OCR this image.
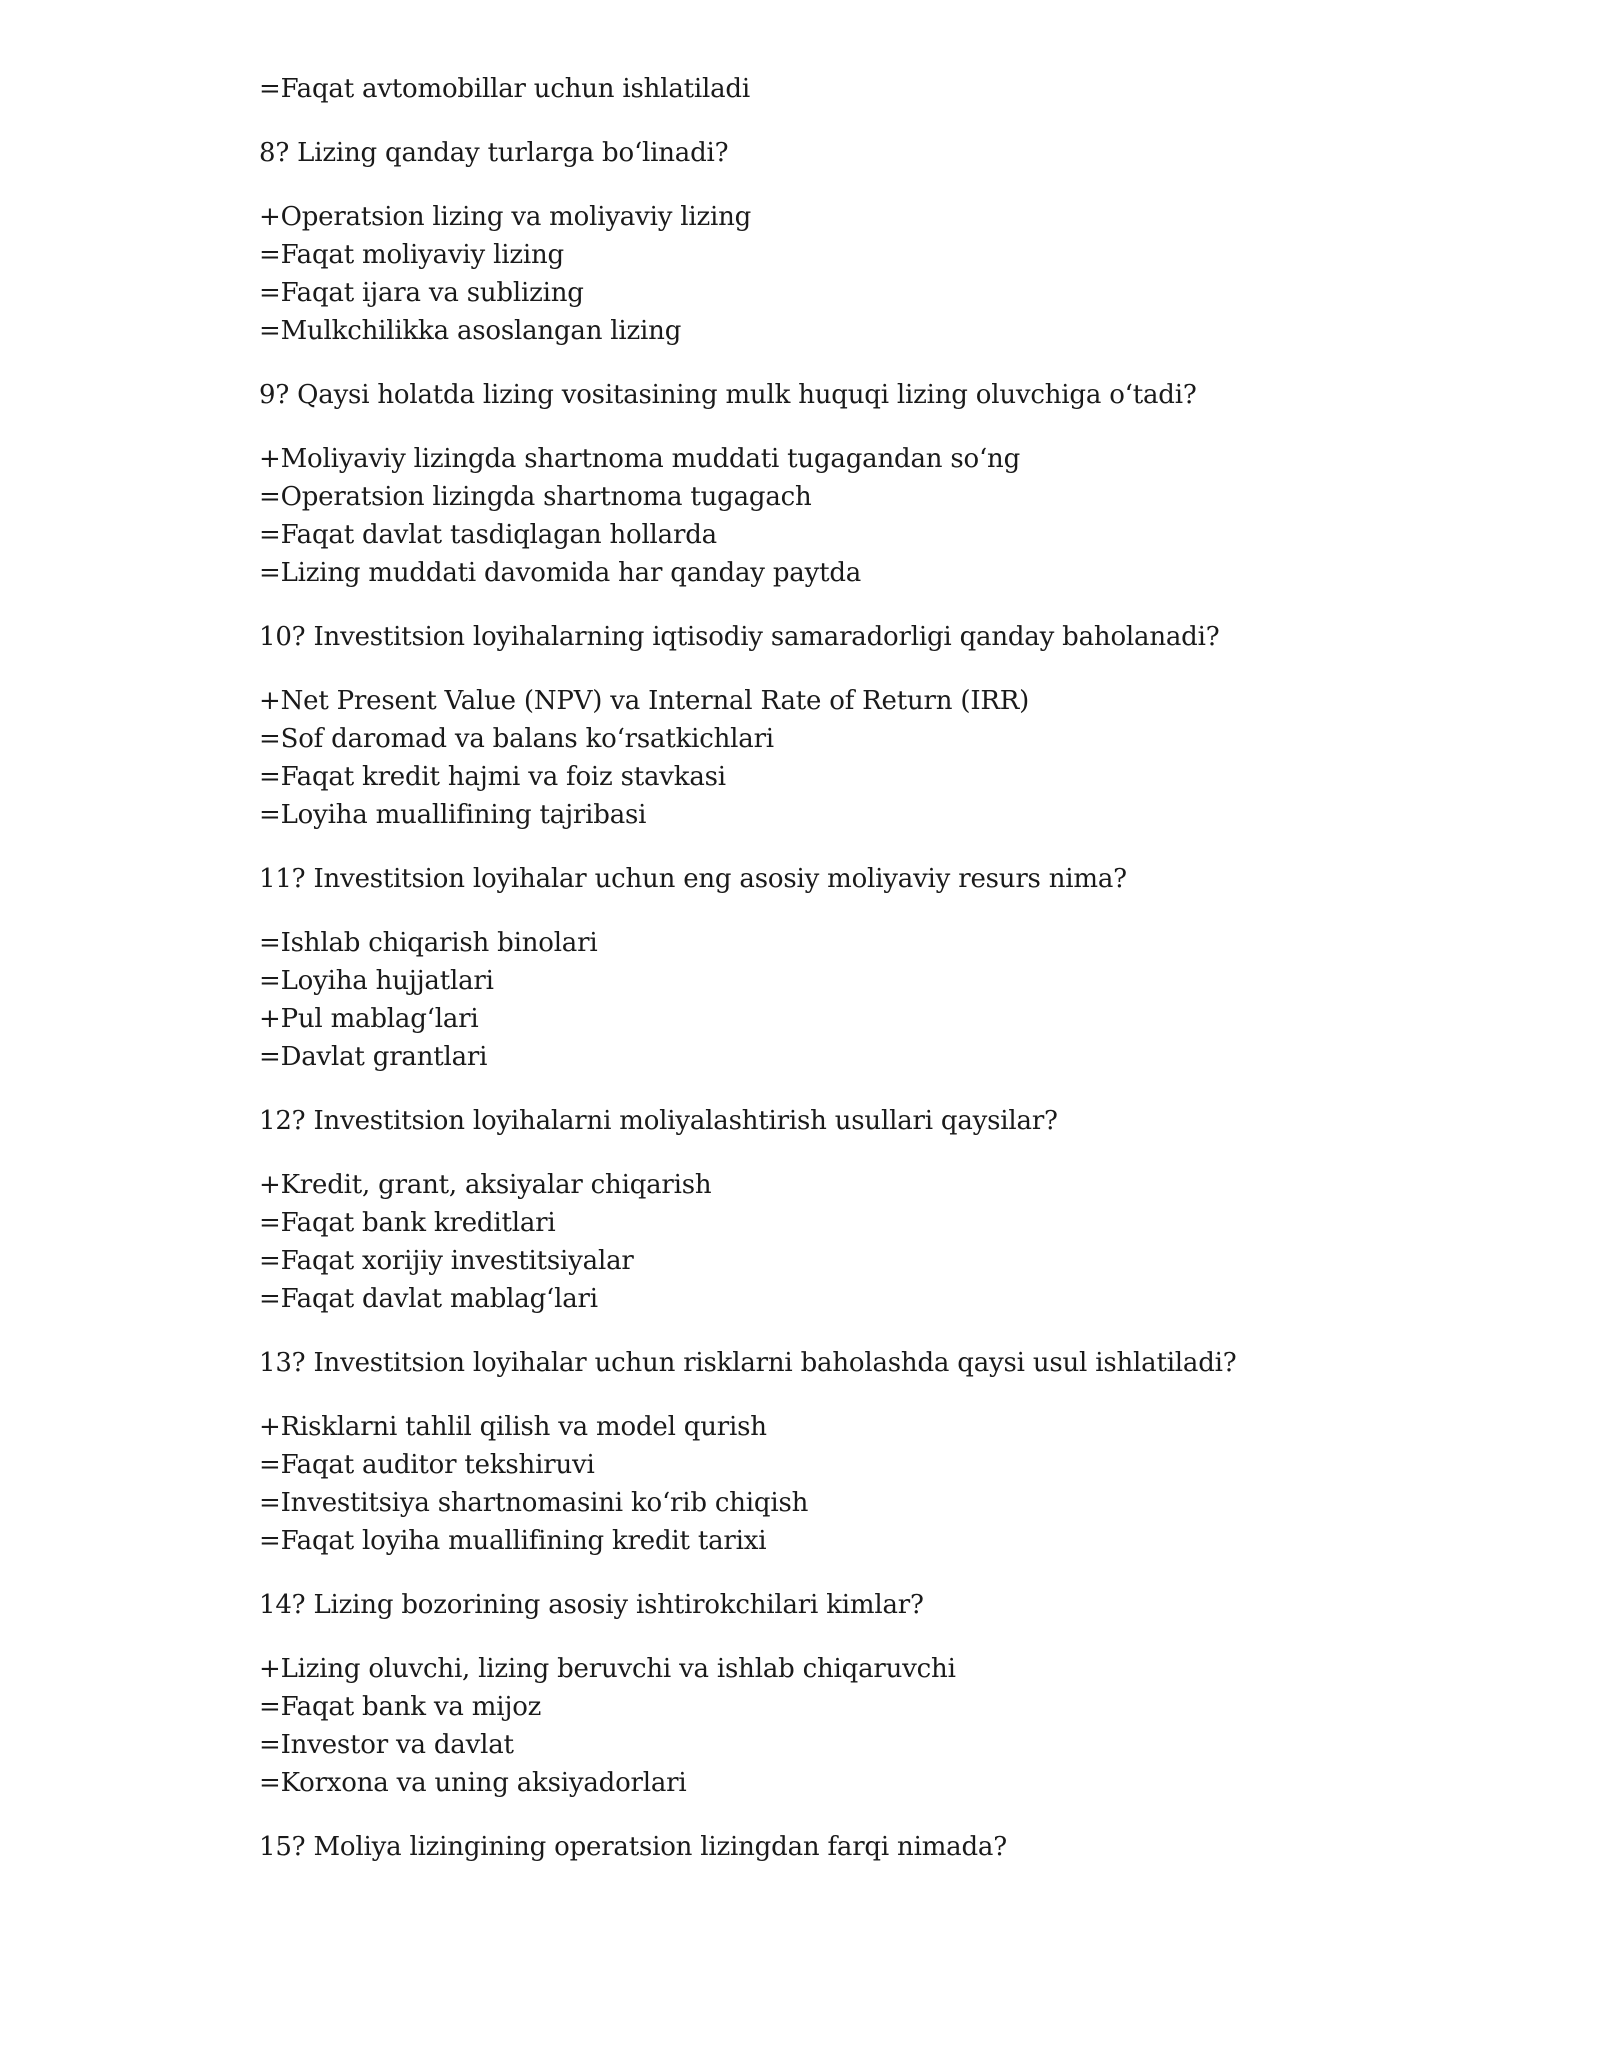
=Faqat avtomobillar uchun ishlatiladi
8? Lizing qanday turlarga bo‘linadi?
+Operatsion lizing va moliyaviy lizing
=Faqat moliyaviy lizing
=Faqat ijara va sublizing
=Mulkchilikka asoslangan lizing
9? Qaysi holatda lizing vositasining mulk huquqi lizing oluvchiga o‘tadi?
+Moliyaviy lizingda shartnoma muddati tugagandan so‘ng
=Operatsion lizingda shartnoma tugagach
=Faqat davlat tasdiqlagan hollarda
=Lizing muddati davomida har qanday paytda
10? Investitsion loyihalarning iqtisodiy samaradorligi qanday baholanadi?
+Net Present Value (NPV) va Internal Rate of Return (IRR)
=Sof daromad va balans ko‘rsatkichlari
=Faqat kredit hajmi va foiz stavkasi
=Loyiha muallifining tajribasi
11? Investitsion loyihalar uchun eng asosiy moliyaviy resurs nima?
=Ishlab chiqarish binolari
=Loyiha hujjatlari
+Pul mablag‘lari
=Davlat grantlari
12? Investitsion loyihalarni moliyalashtirish usullari qaysilar?
+Kredit, grant, aksiyalar chiqarish
=Faqat bank kreditlari
=Faqat xorijiy investitsiyalar
=Faqat davlat mablag‘lari
13? Investitsion loyihalar uchun risklarni baholashda qaysi usul ishlatiladi?
+Risklarni tahlil qilish va model qurish
=Faqat auditor tekshiruvi
=Investitsiya shartnomasini ko‘rib chiqish
=Faqat loyiha muallifining kredit tarixi
14? Lizing bozorining asosiy ishtirokchilari kimlar?
+Lizing oluvchi, lizing beruvchi va ishlab chiqaruvchi
=Faqat bank va mijoz
=Investor va davlat
=Korxona va uning aksiyadorlari
15? Moliya lizingining operatsion lizingdan farqi nimada?
